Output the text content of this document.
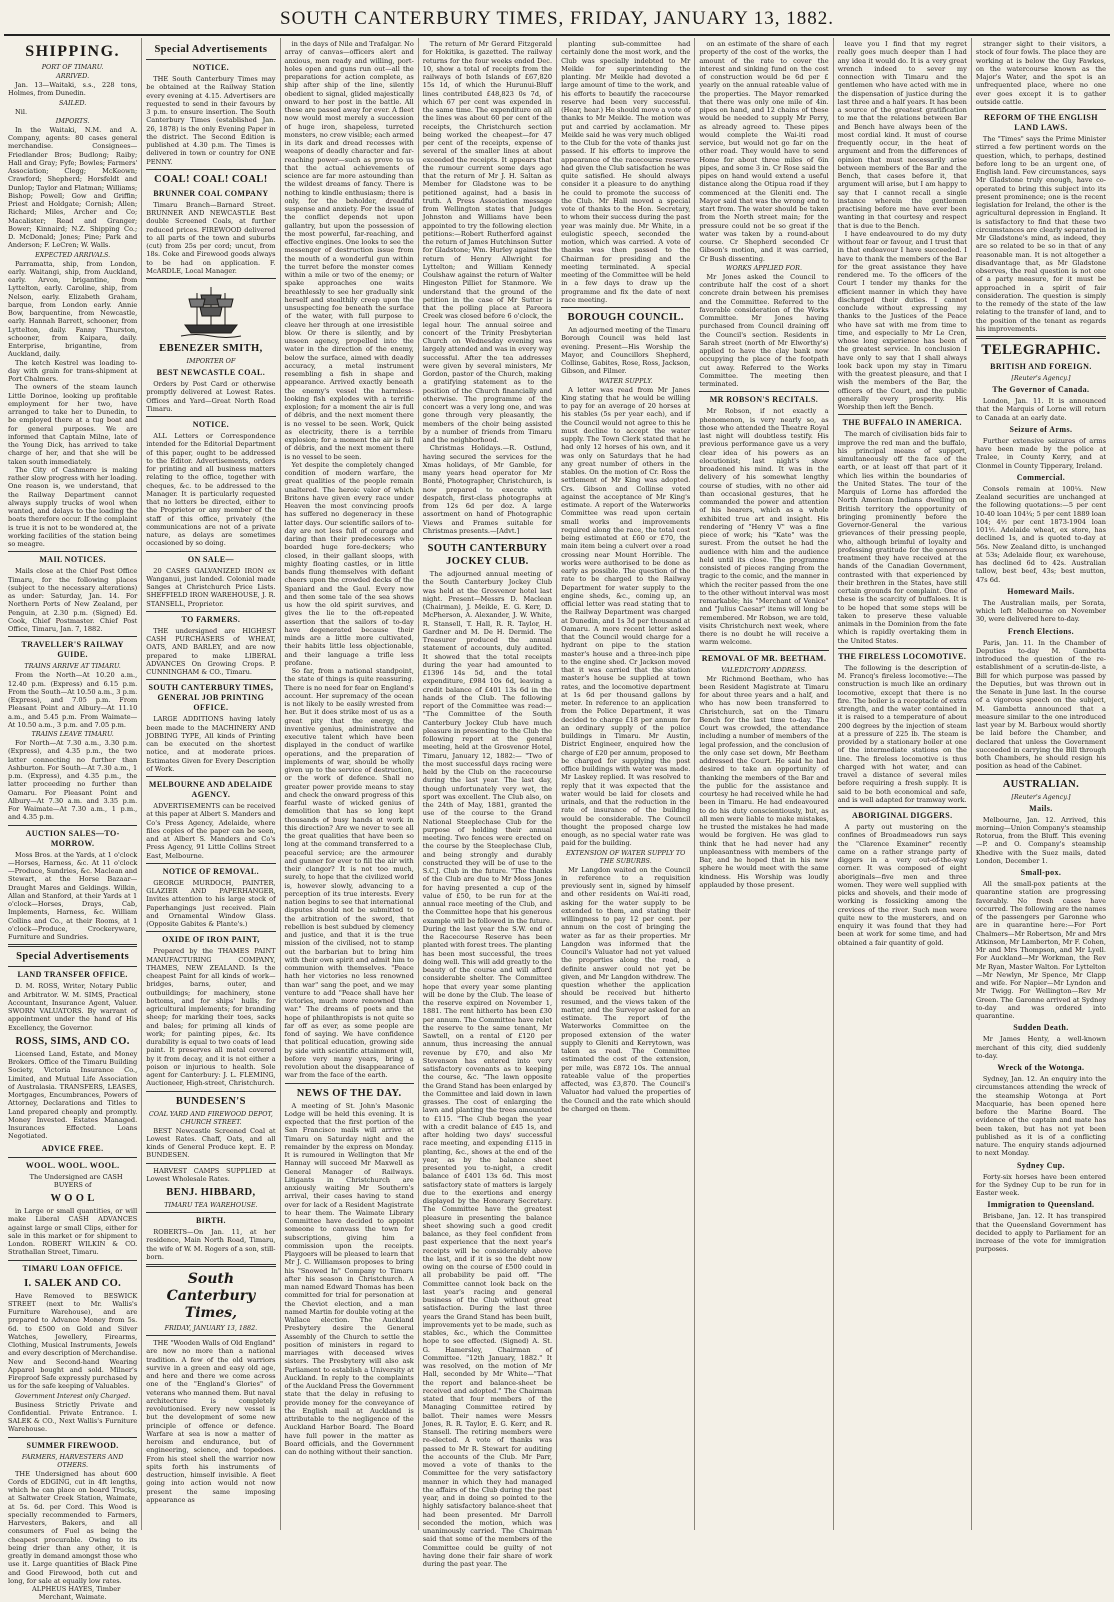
SOUTH CANTERBURY TIMES, FRIDAY, JANUARY 13, 1882.
SHIPPING.
PORT OF TIMARU.
ARRIVED.

Jan. 13—Waitaki, s.s., 228 tons, Holmes, from Dunedin.

SAILED.

Nil.

IMPORTS.

In the Waitaki, N.M. and A. Company, agents: 80 cases general merchandise. Consignees—Friedlander Bros; Budlong; Raiby; Hall and Gray; Fyfe; Bowles; Farmers' Association; Clegg; McKeown; Crawford; Shepherd; Horsfeldt and Dunlop; Taylor and Flatman; Williams; Bishop; Powell; Gow and Griffin; Priest and Holdgate; Cornish; Allen; Richard; Miles, Archer and Co; Macalister; Read and Granger; Bower; Kinnaird; N.Z. Shipping Co.; D. McDonald; Jones; Pine; Park and Anderson; F. LeCren; W. Walls.

EXPECTED ARRIVALS.

Parramatta, ship, from London, early. Waitangi, ship, from Auckland, early. Arvon, brigantine, from Lyttelton, early. Caroline, ship, from Nelson, early. Elizabeth Graham, barque, from London early. Annie Bow, barquentine, from Newcastle, early. Hannah Barrett, schooner, from Lyttelton, daily. Fanny Thurston, schooner, from Kaipara, daily. Enterprise, brigantine, from Auckland, daily.

The ketch Kestrel was loading to-day with grain for trans-shipment at Port Chalmers.

The owners of the steam launch Little Dorinoe, looking up profitable employment for her two, have arranged to take her to Dunedin, to be employed there at a tug boat and for general purposes. We are informed that Captain Milne, late of the Young Dick, has arrived to take charge of her, and that she will be taken south immediately.

The City of Cashmere is making rather slow progress with her loading. One reason is, we understand, that the Railway Department cannot always supply trucks of wool when wanted, and delays to the loading the boats therefore occur. If the complaint is true it is not to be wondered at, the working facilities of the station being so meagre.

MAIL NOTICES.

Mails close at the Chief Post Office Timaru, for the following places (subject to the necessary alterations) as under: Saturday, Jan. 14. For Northern Ports of New Zealand, per Penguin, at 2.30 p.m. (Signed) Ed. Cook, Chief Postmaster. Chief Post Office, Timaru, Jan. 7, 1882.

TRAVELLER'S RAILWAY GUIDE.
TRAINS ARRIVE AT TIMARU.

From the North—At 10.20 a.m., 12.40 p.m. (Express) and 6.15 p.m. From the South—At 10.50 a.m., 3 p.m. (Express), and 7.05 p.m. From Pleasant Point and Albury—At 11.10 a.m., and 5.45 p.m. From Waimate—At 10.50 a.m., 3 p.m. and 7.05 p.m.

TRAINS LEAVE TIMARU.

For North—At 7.30 a.m., 3.30 p.m. (Express), and 4.35 p.m., the two latter connecting no further than Ashburton. For South—At 7.30 a.m., 1 p.m. (Express), and 4.35 p.m., the latter proceeding no further than Oamaru. For Pleasant Point and Albury—At 7.30 a.m. and 3.35 p.m. For Waimate—At 7.30 a.m., 1 p.m., and 4.35 p.m.

AUCTION SALES—TO-MORROW.

Moss Bros. at the Yards, at 1 o'clock—Horses, Harness, &c. At 11 o'clock—Produce, Sundries, &c. Maclean and Stewart, at the Horse Bazaar—Draught Mares and Geldings. Wilkin, Allan and Stanford, at their Yards at 1 o'clock—Horses, Drays, Cab, Implements, Harness, &c. William Collins and Co., at their Rooms, at 1 o'clock—Produce, Crockeryware, Furniture and Sundries.

Special Advertisements
LAND TRANSFER OFFICE.

D. M. ROSS, Writer, Notary Public and Arbitrator. W. M. SIMS, Practical Accountant, Insurance Agent, Valuer. SWORN VALUATORS. By warrant of appointment under the hand of His Excellency, the Governor.

ROSS, SIMS, AND CO.

Licensed Land, Estate, and Money Brokers. Office of the Timaru Building Society, Victoria Insurance Co., Limited, and Mutual Life Association of Australasia. TRANSFERS, LEASES, Mortgages, Encumbrances, Powers of Attorney, Declarations and Titles to Land prepared cheaply and promptly. Money Invested. Estates Managed. Insurances Effected. Loans Negotiated.

ADVICE FREE.
WOOL. WOOL. WOOL.

The Undersigned are CASH BUYERS of

W O O L

in Large or small quantities, or will make Liberal CASH ADVANCES against large or small Clips, either for sale in this market or for shipment to London. ROBERT WILKIN & CO. Strathallan Street, Timaru.

TIMARU LOAN OFFICE.
I. SALEK AND CO.

Have Removed to BESWICK STREET (next to Mr. Wallis's Furniture Warehouse), and are prepared to Advance Money from 5s. 6d. to £500 on Gold and Silver Watches, Jewellery, Firearms, Clothing, Musical Instruments, Jewels and every description of Merchandise. New and Second-hand Wearing Apparel bought and sold. Milner's Fireproof Safe expressly purchased by us for the safe keeping of Valuables.

Government Interest only Charged.

Business Strictly Private and Confidential. Private Entrance. I. SALEK & CO., Next Wallis's Furniture Warehouse.

SUMMER FIREWOOD.
FARMERS, HARVESTERS AND OTHERS.

THE Undersigned has about 600 Cords of EDGING, cut in 4ft lengths, which he can place on board Trucks, at Saltwater Creek Station, Waimate, at 5s. 6d. per Cord. This Wood is specially recommended to Farmers, Harvesters, Bakers, and all consumers of Fuel as being the cheapest procurable. Owing to its being drier than any other, it is greatly in demand amongst those who use it. Large quantities of Black Pine and Good Firewood, both cut and long, for sale at equally low rates.

ALPHEUS HAYES, Timber Merchant, Waimate.

Special Advertisements
NOTICE.

THE South Canterbury Times may be obtained at the Railway Station every evening at 4.15. Advertisers are requested to send in their favours by 3 p.m. to ensure insertion. The South Canterbury Times (established Jan. 26, 1878) is the only Evening Paper in the district. The Second Edition is published at 4.30 p.m. The Times is delivered in town or country for ONE PENNY.

COAL! COAL! COAL!
BRUNNER COAL COMPANY

Timaru Branch—Barnard Street. BRUNNER AND NEWCASTLE Best double Screened Coals, at further reduced prices. FIREWOOD delivered to all parts of the town and suburbs (cut) from 25s per cord; uncut, from 18s. Coke and Firewood goods always to be had on application. F. McARDLE, Local Manager.

EBENEZER SMITH,
IMPORTER OF
BEST NEWCASTLE COAL.

Orders by Post Card or otherwise promptly delivered at Lowest Rates. Offices and Yard—Great North Road Timaru.

NOTICE.

ALL Letters or Correspondence intended for the Editorial Department of this paper, ought to be addressed to the Editor. Advertisements, orders for printing and all business matters relating to the office, together with cheques, &c. to be addressed to the Manager. It is particularly requested that no letters be directed, either to the Proprietor or any member of the staff of this office, privately (the communications are not of a private nature, as delays are sometimes occasioned by so doing.

ON SALE—

20 CASES GALVANIZED IRON ex Wanganui, just landed. Colonial made Sanges at Christchurch Price Lists. SHEFFIELD IRON WAREHOUSE, J. R. STANSELL, Proprietor.

TO FARMERS.

THE undersigned are HIGHEST CASH PURCHASERS of WHEAT, OATS, AND BARLEY, and are now prepared to make LIBERAL ADVANCES On Growing Crops. P. CUNNINGHAM & CO., Timaru.

SOUTH CANTERBURY TIMES, GENERAL JOB PRINTING OFFICE.

LARGE ADDITIONS having lately been made to the MACHINERY AND JOBBING TYPE, All kinds of Printing can be executed on the shortest notice, and at moderate prices. Estimates Given for Every Description of Work.

MELBOURNE AND ADELAIDE AGENCY.

ADVERTISEMENTS can be received at this paper at Albert S. Manders and Co's Press Agency, Adelaide, where files copies of the paper can be seen, and at Albert S. Manders and Co's Press Agency, 91 Little Collins Street East, Melbourne.

NOTICE OF REMOVAL.

GEORGE MURDOCH, PAINTER, GLAZIER AND PAPERHANGER, Invites attention to his large stock of Paperhangings just received. Plain and Ornamental Window Glass. (Opposite Gabites & Plante's.)

OXIDE OF IRON PAINT,

Prepared by the THAMES PAINT MANUFACTURING COMPANY, THAMES, NEW ZEALAND. Is the cheapest Paint for all kinds of work—bridges, barns, outer, and outbuildings; for machinery, stone bottoms, and for ships' hulls; for agricultural implements; for branding sheep; for marking their toes, sacks and bales; for priming all kinds of work; for painting pipes, &c. Its durability is equal to two coats of lead paint. It preserves all metal covered by it from decay, and it is not either a poison or injurious to health. Sole agent for Canterbury: J. L. FLEMING, Auctioneer, High-street, Christchurch.

BUNDESEN'S
COAL YARD AND FIREWOOD DEPOT, CHURCH STREET.

BEST Newcastle Screened Coal at Lowest Rates. Chaff, Oats, and all kinds of General Produce kept. E. P. BUNDESEN.

HARVEST CAMPS SUPPLIED at Lowest Wholesale Rates.

BENJ. HIBBARD,
TIMARU TEA WAREHOUSE.
BIRTH.

ROBERTS—On Jan. 11, at her residence, Main North Road, Timaru, the wife of W. M. Rogers of a son, still-born.

South Canterbury Times,
FRIDAY, JANUARY 13, 1882.

THE "Wooden Walls of Old England" are now no more than a national tradition. A few of the old warriors survive in a green and easy old age, and here and there we come across one of the "England's Glories" of veterans who manned them. But naval architecture is completely revolutionised. Every new vessel is but the development of some new principle of offence or defence. Warfare at sea is now a matter of heroism and endurance, but of engineering, science, and topedoes. From his steel shell the warrior now spits forth his instruments of destruction, himself invisible. A fleet going into action would not now present the same imposing appearance as

in the days of Nile and Trafalgar. No array of canvas—officers alert and anxious, men ready and willing, port-holes open and guns run out—all the preparations for action complete, as ship after ship of the line, silently obedient to signal, glided majestically onward to her post in the battle. All these are passed away for ever. A fleet now would most merely a succession of huge iron, shapeless, turreted monsters, no crew visible; each armed in its dark and dread recesses with weapons of deadly character and far-reaching power—such as prove to us that the actual achievements of science are far more astounding than the wildest dreams of fancy. There is nothing to kindle enthusiasm; there is only, for the beholder, dreadful suspense and anxiety. For the issue of the conflict depends not upon gallantry, but upon the possession of the most powerful, far-reaching, and effective engines. One looks to see the messenger of destruction issue from the mouth of a wonderful gun within the turret before the monster comes within a mile or two of the enemy; or spake approaches one waits breathlessly to see her gradually sink herself and stealthily creep upon the unsuspecting foe beneath the surface of the water, with full purpose to cleave her through at one irresistible blow. Or there is silently, and by unseen agency, propelled into the water in the direction of the enemy, below the surface, aimed with deadly accuracy, a metal instrument resembling a fish in shape and appearance. Arrived exactly beneath the enemy's vessel the harmless-looking fish explodes with a terrific explosion; for a moment the air is full of débris, and the next moment there is no vessel to be seen. Work, Quick as electricity, there is a terrible explosion; for a moment the air is full of débris, and the next moment there is no vessel to be seen.

Yet despite the completely changed condition of modern warfare, the great qualities of the people remain unaltered. The heroic valor of which Britons have given every race under Heaven the most convincing proofs has suffered no degeneracy in these latter days. Our scientific sailors of to-day are not less full of courage and daring than their predecessors who boarded huge fore-deckers; who closed, in their gallant sloops, with mighty floating castles, or in little bands flung themselves with defiant cheers upon the crowded decks of the Spaniard and the Gaul. Every now and then some tale of the sea shows us how the old spirit survives, and gives the lie to the oft-repeated assertion that the sailors of to-day have degenerated because their minds are a little more cultivated, their habits little less objectionable, and their language a trifle less profane.

So far, from a national standpoint, the state of things is quite reassuring. There is no need for fear on England's account. Her supremacy of the ocean is not likely to be easily wrested from her. But it does strike most of us as a great pity that the energy, the inventive genius, administrative and executive talent which have been displayed in the conduct of warlike operations, and the preparation of implements of war, should be wholly given up to the service of destruction, or the work of defence. Shall no greater power provide means to stay and check the onward progress of this fearful waste of wicked genius of demolition that has so long kept thousands of busy hands at work in this direction? Are we never to see all the great qualities that have been so long at the command transferred to a peaceful service; are the armourer and gunner for ever to fill the air with their clangor? It is not too much, surely, to hope that the civilized world is, however slowly, advancing to a perception of its true interests. Every nation begins to see that international disputes should not be submitted to the arbitration of the sword, that rebellion is best subdued by clemency and justice, and that it is the true mission of the civilised, not to stamp out the barbarian but to bring him with their own spirit and admit him to communion with themselves. "Peace hath her victories no less renowned than war" sang the poet, and we may venture to add "Peace shall have her victories, much more renowned than war." The dreams of poets and the hope of philanthropists is not quite so far off as ever, as some people are fond of saying. We have confidence that political education, growing side by side with scientific attainment will, before very many years, bring a revolution about the disappearance of war from the face of the earth.

NEWS OF THE DAY.

A meeting of St. John's Masonic Lodge will be held this evening. It is expected that the first portion of the San Francisco mails will arrive at Timaru on Saturday night and the remainder by the express on Monday. It is rumoured in Wellington that Mr Hannay will succeed Mr Maxwell as General Manager of Railways. Litigants in Christchurch are anxiously waiting Mr Southern's arrival, their cases having to stand over for lack of a Resident Magistrate to hear them. The Waimate Library Committee have decided to appoint someone to canvass the town for subscriptions, giving him a commission upon the receipts. Playgoers will be pleased to learn that Mr J. C. Williamson proposes to bring his "Snowed In" Company to Timaru after his season in Christchurch. A man named Edward Thomas has been committed for trial for personation at the Cheviot election, and a man named Martin for double voting at the Wallace election. The Auckland Presbytery desire the General Assembly of the Church to settle the position of ministers in regard to marriages with deceased wives sisters. The Presbytery will also ask Parliament to establish a University at Auckland. In reply to the complaints of the Auckland Press the Government state that the delay in refusing to provide money for the conveyance of the English mail at Auckland is attributable to the negligence of the Auckland Harbor Board. The Board have full power in the matter as Board officials, and the Government can do nothing without their sanction.

The return of Mr Gerard Fitzgerald for Hokitika, is gazetted. The railway returns for the four weeks ended Dec. 10, show a total of receipts from the railways of both Islands of £67,820 15s 1d, of which the Hurunui-Bluff lines contributed £48,823 0s 7d, of which 67 per cent was expended in the same time. The expenditure on all the lines was about 60 per cent of the receipts, the Christchurch section being worked the cheapest—for 47 per cent of the receipts, expense of several of the smaller lines at about exceeded the receipts. It appears that the rumour current some days ago that the return of Mr J. H. Saltan as Member for Gladstone was to be petitioned against, had a basis in truth. A Press Association message from Wellington states that Judges Johnston and Williams have been appointed to try the following election petitions:—Robert Rutherford against the return of James Hutchinson Sutter for Gladstone; Wm. Hurley against the return of Henry Allwright for Lyttelton; and William Kennedy Coulshaw against the return of Walter Hingeston Pilliet for Stanmore. We understand that the ground of the petition in the case of Mr Sutter is that the polling place at Pareora Creek was closed before 6 o'clock, the legal hour. The annual soiree and concert of the Trinity Presbyterian Church on Wednesday evening was largely attended and was in every way successful. After the tea addresses were given by several ministers, Mr Gordon, pastor of the Church, making a gratifying statement as to the position of the Church financially and otherwise. The programme of the concert was a very long one, and was gone through very pleasantly, the members of the choir being assisted by a number of friends from Timaru and the neighborhood.

Christmas Holidays.—R. Ostlund, having secured the services for the Xmas holidays, of Mr Gamble, for many years head operator for Mr Bonté, Photographer, Christchurch, is now prepared to execute with despatch, first-class photographs at from 12s 6d per doz. A large assortment on hand of Photographic Views and Frames suitable for Christmas presents.—[Advt.]

SOUTH CANTERBURY JOCKEY CLUB.

The adjourned annual meeting of the South Canterbury Jockey Club was held at the Grosvenor hotel last night. Present—Messrs D. Maclean (Chairman), J. Meikle, E. G. Kerr, D. McPherson, A. Alexander, J. W. White, R. Stansell, T. Hall, R. R. Taylor, H. Gardner and M. De H. Dermid. The Treasurer produced the annual statement of accounts, duly audited. It showed that the total receipts during the year had amounted to £1396 14s 5d, and the total expenditure, £984 10s 6d, leaving a credit balance of £401 13s 6d in the hands of the Club. The following report of the Committee was read:— "The Committee of the South Canterbury Jockey Club have much pleasure in presenting to the Club the following report at the general meeting, held at the Grosvenor Hotel, Timaru, January 12, 1882:— "Two of the most successful days racing were held by the Club on the racecourse during the last year. The last day, though unfortunately very wet, the sport was excellent. The Club also, on the 24th of May, 1881, granted the use of the course to the Grand National Steeplechase Club for the purpose of holding their annual meeting. Two fences were erected on the course by the Steeplechase Club, and being strongly and durably constructed they will be of use to the S.C.J. Club in the future. "The thanks of the Club are due to Mr Moss Jones for having presented a cup of the value of £50, to be run for at the annual race meeting of the Club, and the Committee hope that his generous example will be followed in the future. During the last year the S.W. end of the Racecourse Reserve has been planted with forest trees. The planting has been most successful, the trees doing well. This will add greatly to the beauty of the course and will afford considerable shelter. The Committee hope that every year some planting will be done by the Club. The lease of the reserve expired on November 1, 1881. The rent hitherto has been £30 per annum. The Committee have relet the reserve to the same tenant, Mr Sawtell, on a rental of £120 per annum, thus increasing the annual revenue by £70, and also Mr Stevenson has entered into very satisfactory covenants as to keeping the course, &c. "The lawn opposite the Grand Stand has been enlarged by the Committee and laid down in lawn grasses. The cost of enlarging the lawn and planting the trees amounted to £115. "The Club began the year with a credit balance of £45 1s, and after holding two days' successful race meeting, and expending £115 in planting, &c., shows at the end of the year, as by the balance sheet presented you to-night, a credit balance of £401 13s 6d. This most satisfactory state of matters is largely due to the exertions and energy displayed by the Honorary Secretary. The Committee have the greatest pleasure in presenting the balance sheet showing such a good credit balance, as they feel confident from past experience that the next year's receipts will be considerably above the last, and if it is so the debt now owing on the course of £500 could in all probability be paid off. "The Committee cannot look back on the last year's racing and general business of the Club without great satisfaction. During the last three years the Grand Stand has been built, improvements yet to be made, such as stables, &c., which the Committee hope to see effected. (Signed) A. St. G. Hamersley, Chairman of Committee. "12th January, 1882." It was resolved, on the motion of Mr Hall, seconded by Mr White—"That the report and balance-sheet be received and adopted." The Chairman stated that four members of the Managing Committee retired by ballot. Their names were Messrs Jones, R. R. Taylor, E. G. Kerr, and R. Stansell. The retiring members were re-elected. A vote of thanks was passed to Mr R. Stewart for auditing the accounts of the Club. Mr Parr, moved a vote of thanks to the Committee for the very satisfactory manner in which they had managed the affairs of the Club during the past year, and in doing so pointed to the highly satisfactory balance-sheet that had been presented. Mr Darroll seconded the motion, which was unanimously carried. The Chairman said that some of the members of the Committee could be guilty of not having done their fair share of work during the past year. The

planting sub-committee had certainly done the most work, and the Club was specially indebted to Mr Meikle for superintending the planting. Mr Meikle had devoted a large amount of time to the work, and his efforts to beautify the racecourse reserve had been very successful. (Hear, hear.) He should move a vote of thanks to Mr Meikle. The motion was put and carried by acclamation. Mr Meikle said he was very much obliged to the Club for the vote of thanks just passed. If his efforts to improve the appearance of the racecourse reserve had given the Club satisfaction he was quite satisfied. He should always consider it a pleasure to do anything he could to promote the success of the Club. Mr Hall moved a special vote of thanks to the Hon. Secretary, to whom their success during the past year was mainly due. Mr White, in a eulogistic speech, seconded the motion, which was carried. A vote of thanks was then passed to the Chairman for presiding and the meeting terminated. A special meeting of the Committee will be held in a few days to draw up the programme and fix the date of next race meeting.

BOROUGH COUNCIL.

An adjourned meeting of the Timaru Borough Council was held last evening. Present—His Worship the Mayor, and Councillors Shepherd, Collinse, Gabites, Rose, Ross, Jackson, Gibson, and Filmer.

WATER SUPPLY.

A letter was read from Mr Janes King stating that he would be willing to pay for an average of 20 horses at his stables (5s per year each), and if the Council would not agree to this he must decline to accept the water supply. The Town Clerk stated that he had only 12 horses of his own, and it was only on Saturdays that he had any great number of others in the stables. On the motion of Cr. Ross the settlement of Mr King was adopted. Crs. Gibson and Collinse voted against the acceptance of Mr King's estimate. A report of the Waterworks Committee was read upon certain small works and improvements required along the race, the total cost being estimated at £60 or £70, the main item being a culvert over a road crossing near Mount Horrible. The works were authorised to be done as early as possible. The question of the rate to be charged to the Railway Department for water supply to the engine sheds, &c., coming up, an official letter was read stating that to the Railway Department was charged at Dunedin, and 1s 3d per thousand at Oamaru. A more recent letter asked that the Council would charge for a hydrant on pipe to the station master's house and a three-inch pipe to the engine shed. Cr Jackson moved that it was carried that the station master's house be supplied at town rates, and the locomotive department at 1s 6d per thousand gallons by meter. In reference to an application from the Police Department, it was decided to charge £18 per annum for an ordinary supply of the police buildings in Timaru. Mr Austin, District Engineer, enquired how the charge of £20 per annum, proposed to be charged for supplying the post office buildings with water was made. Mr Laskey replied. It was resolved to reply that it was expected that the water would be laid for closets and urinals, and that the reduction in the rate of insurance of the building would be considerable. The Council thought the proposed charge low enough, as no special water rate was paid for the building.

EXTENSION OF WATER SUPPLY TO THE SUBURBS.

Mr Langdon waited on the Council in reference to a requisition previously sent in, signed by himself and other residents on Wai-iti road, asking for the water supply to be extended to them, and stating their willingness to pay 12 per cent. per annum on the cost of bringing the water as far as their properties. Mr Langdon was informed that the Council's Valuator had not yet valued the properties along the road, a definite answer could not yet be given, and Mr Langdon withdrew. The question whether the application should be received but hitherto resumed, and the views taken of the matter, and the Surveyor asked for an estimate. The report of the Waterworks Committee on the proposed extension of the water supply to Gleniti and Kerrytown, was taken as read. The Committee estimated the cost of the extension, per mile, was £872 10s. The annual rateable value of the properties affected, was £3,870. The Council's Valuator had valued the properties of the Council and the rate which should be charged on them.

on an estimate of the share of each property of the cost of the works, the amount of the rate to cover the interest and sinking fund on the cost of construction would be 6d per £ yearly on the annual rateable value of the properties. The Mayor remarked that there was only one mile of 4in. pipes on hand, and 12 chains of these would be needed to supply Mr Perry, as already agreed to. These pipes would complete the Wai-iti road service, but would not go far on the other road. They would have to send Home for about three miles of 6in pipes, and some 3 in. Cr Rose said the pipes on hand would extend a useful distance along the Otipua road if they commenced at the Gleniti end. The Mayor said that was the wrong end to start from. The water should be taken from the North street main; for the pressure could not be so great if the water was taken by a round-about course. Cr Shepherd seconded Cr Gibson's motion, and it was carried, Cr Bush dissenting.

WORKS APPLIED FOR.

Mr Jones asked the Council to contribute half the cost of a short concrete drain between his premises and the Committee. Referred to the favorable consideration of the Works Committee. Mr Jones having purchased from Council draining off the Council's section. Residents in Sarah street (north of Mr Elworthy's) applied to have the clay bank now occupying the place of the footpath cut away. Referred to the Works Committee. The meeting then terminated.

MR ROBSON'S RECITALS.

Mr Robson, if not exactly a phenomenon, is very nearly so, as those who attended the Theatre Royal last night will doubtless testify. His previous performance gave us a very clear idea of his powers as an elocutionist; last night's show broadened his mind. It was in the delivery of his somewhat lengthy course of studies, with no other aid than occasional gestures, that he commanded the power and attention of his hearers, which as a whole exhibited true art and insight. His rendering of "Henry V" was a fine piece of work; his "Kate" was the surest. From the outset he had the audience with him and the audience held until its close. The programme consisted of pieces ranging from the tragic to the comic, and the manner in which the reciter passed from the one to the other without interval was most remarkable; his "Merchant of Venice" and "Julius Caesar" items will long be remembered. Mr Robson, we are told, visits Christchurch next week, where there is no doubt he will receive a warm welcome.

REMOVAL OF MR. BEETHAM.
VALEDICTORY ADDRESS.

Mr Richmond Beetham, who has been Resident Magistrate at Timaru for about three years and a half, and who has now been transferred to Christchurch, sat on the Timaru Bench for the last time to-day. The Court was crowded, the attendance including a number of members of the legal profession, and the conclusion of the only case set down, Mr Beetham addressed the Court. He said he had desired to take an opportunity of thanking the members of the Bar and the public for the assistance and courtesy he had received while he had been in Timaru. He had endeavoured to do his duty conscientiously, but, as all men were liable to make mistakes, he trusted the mistakes he had made would be forgiven. He was glad to think that he had never had any unpleasantness with members of the Bar, and he hoped that in his new sphere he would meet with the same kindness. His Worship was loudly applauded by those present.

leave you I find that my regret really goes much deeper than I had any idea it would do. It is a very great wrench indeed to sever my connection with Timaru and the gentlemen who have acted with me in the dispensation of justice during the last three and a half years. It has been a source of the greatest gratification to me that the relations between Bar and Bench have always been of the most cordial kind. It must of course frequently occur, in the heat of argument and from the differences of opinion that must necessarily arise between members of the Bar and the Bench, that cases before it, that argument will arise, but I am happy to say that I cannot recall a single instance wherein the gentlemen practising before me have ever been wanting in that courtesy and respect that is due to the Bench.

I have endeavoured to do my duty without fear or favour, and I trust that in that endeavour I have succeeded. I have to thank the members of the Bar for the great assistance they have rendered me. To the officers of the Court I tender my thanks for the efficient manner in which they have discharged their duties. I cannot conclude without expressing my thanks to the Justices of the Peace who have sat with me from time to time, and especially to Mr Le Cren, whose long experience has been of the greatest service. In conclusion I have only to say that I shall always look back upon my stay in Timaru with the greatest pleasure, and that I wish the members of the Bar, the officers of the Court, and the public generally every prosperity. His Worship then left the Bench.

THE BUFFALO IN AMERICA.

The march of civilisation bids fair to improve the red man and the buffalo, his principal means of support, simultaneously off the face of the earth, or at least off that part of it which lies within the boundaries of the United States. The tour of the Marquis of Lorne has afforded the North American Indians dwelling on British territory the opportunity of bringing prominently before the Governor-General the various grievances of their pressing people, who, although brimful of loyalty and professing gratitude for the generous treatment they have received at the hands of the Canadian Government, contrasted with that experienced by their brethren in the States, have still certain grounds for complaint. One of these is the scarcity of buffaloes. It is to be hoped that some steps will be taken to preserve these valuable animals in the Dominion from the fate which is rapidly overtaking them in the United States.

THE FIRELESS LOCOMOTIVE.

The following is the description of M. Francq's fireless locomotive:—The construction is much like an ordinary locomotive, except that there is no fire. The boiler is a receptacle of extra strength, and the water contained in it is raised to a temperature of about 200 degrees by the injection of steam at a pressure of 225 lb. The steam is provided by a stationary boiler at one of the intermediate stations on the line. The fireless locomotive is thus charged with hot water, and can travel a distance of several miles before requiring a fresh supply. It is said to be both economical and safe, and is well adapted for tramway work.

ABORIGINAL DIGGERS.

A party out mustering on the confines of Broadmeadows run says the "Clarence Examiner" recently came on a rather strange party of diggers in a very out-of-the-way corner. It was composed of eight aboriginals—five men and three women. They were well supplied with picks and shovels, and their mode of working is fossicking among the crevices of the river. Such men were quite new to the musterers, and on enquiry it was found that they had been at work for some time, and had obtained a fair quantity of gold.

stranger sight to their visitors, a stock of four fowls. The place they are working at is below the Guy Fawkes, on the watercourse known as the Major's Water, and the spot is an unfrequented place, where no one ever goes except it is to gather outside cattle.

REFORM OF THE ENGLISH LAND LAWS.

The "Times" says the Prime Minister stirred a few pertinent words on the question, which, to perhaps, destined before long to be an urgent one, of English land. Few circumstances, says Mr Gladstone truly enough, have co-operated to bring this subject into its present prominence; one is the recent legislation for Ireland, the other is the agricultural depression in England. It is satisfactory to find that these two circumstances are clearly separated in Mr Gladstone's mind, as indeed, they are so related to be so in that of any reasonable man. It is not altogether a disadvantage that, as Mr Gladstone observes, the real question is not one of a party measure, for it must be approached in a spirit of fair consideration. The question is simply to the remedy of the state of the law relating to the transfer of land, and to the position of the tenant as regards his improvements.

TELEGRAPHIC.
BRITISH AND FOREIGN.
[Reuter's Agency.]
The Governor of Canada.

London, Jan. 11. It is announced that the Marquis of Lorne will return to Canada at an early date.

Seizure of Arms.

Further extensive seizures of arms have been made by the police at Tralee, in County Kerry, and at Clonmel in County Tipperary, Ireland.

Commercial.

Consols remain at 100¼. New Zealand securities are unchanged at the following quotations:—5 per cent 10-40 loan 104¼; 5 per cent 1889 loan 104; 4½ per cent 1873-1904 loan 101½. Adelaide wheat, ex store, has declined 1s, and is quoted to-day at 56s. New Zealand ditto, is unchanged at 53s; Adelaide flour, ex warehouse, has declined 6d to 42s. Australian tallow, best beef, 43s; best mutton, 47s 6d.

Homeward Mails.

The Australian mails, per Sorata, which left Melbourne on November 30, were delivered here to-day.

French Elections.

Paris, Jan. 11. In the Chamber of Deputies to-day M. Gambetta introduced the question of the re-establishment of a scrutin-de-liste, a Bill for which purpose was passed by the Deputies, but was thrown out in the Senate in June last. In the course of a vigorous speech on the subject, M. Gambetta announced that a measure similar to the one introduced last year by M. Barboux would shortly be laid before the Chamber, and declared that unless the Government succeeded in carrying the Bill through both Chambers, he should resign his position as head of the Cabinet.

AUSTRALIAN.
[Reuter's Agency.]
Mails.

Melbourne, Jan. 12. Arrived, this morning—Union Company's steamship Rotorua, from the Bluff. This evening—P. and O. Company's steamship Khedive with the Suez mails, dated London, December 1.

Small-pox.

All the small-pox patients at the quarantine station are progressing favorably. No fresh cases have occurred. The following are the names of the passengers per Garonne who are in quarantine here:—For Port Chalmers—Mr Robertson, Mr and Mrs Atkinson, Mr Lamberton, Mr F. Cohen, Mr and Mrs Thompson, and Mr Lyell. For Auckland—Mr Workman, the Rev Mr Ryan, Master Walton. For Lyttelton—Mr Newlyn, Mr Spence, Mr Clapp and wife. For Napier—Mr Lyndon and Mr Twigg. For Wellington—Rev Mr Green. The Garonne arrived at Sydney to-day and was ordered into quarantine.

Sudden Death.

Mr James Henty, a well-known merchant of this city, died suddenly to-day.

Wreck of the Wotonga.

Sydney, Jan. 12. An enquiry into the circumstances attending the wreck of the steamship Wotonga at Port Macquarie, has been opened here before the Marine Board. The evidence of the captain and mate has been taken, but has not yet been published as it is of a conflicting nature. The enquiry stands adjourned to next Monday.

Sydney Cup.

Forty-six horses have been entered for the Sydney Cup to be run for in Easter week.

Immigration to Queensland.

Brisbane, Jan. 12. It has transpired that the Queensland Government has decided to apply to Parliament for an increase of the vote for immigration purposes.
